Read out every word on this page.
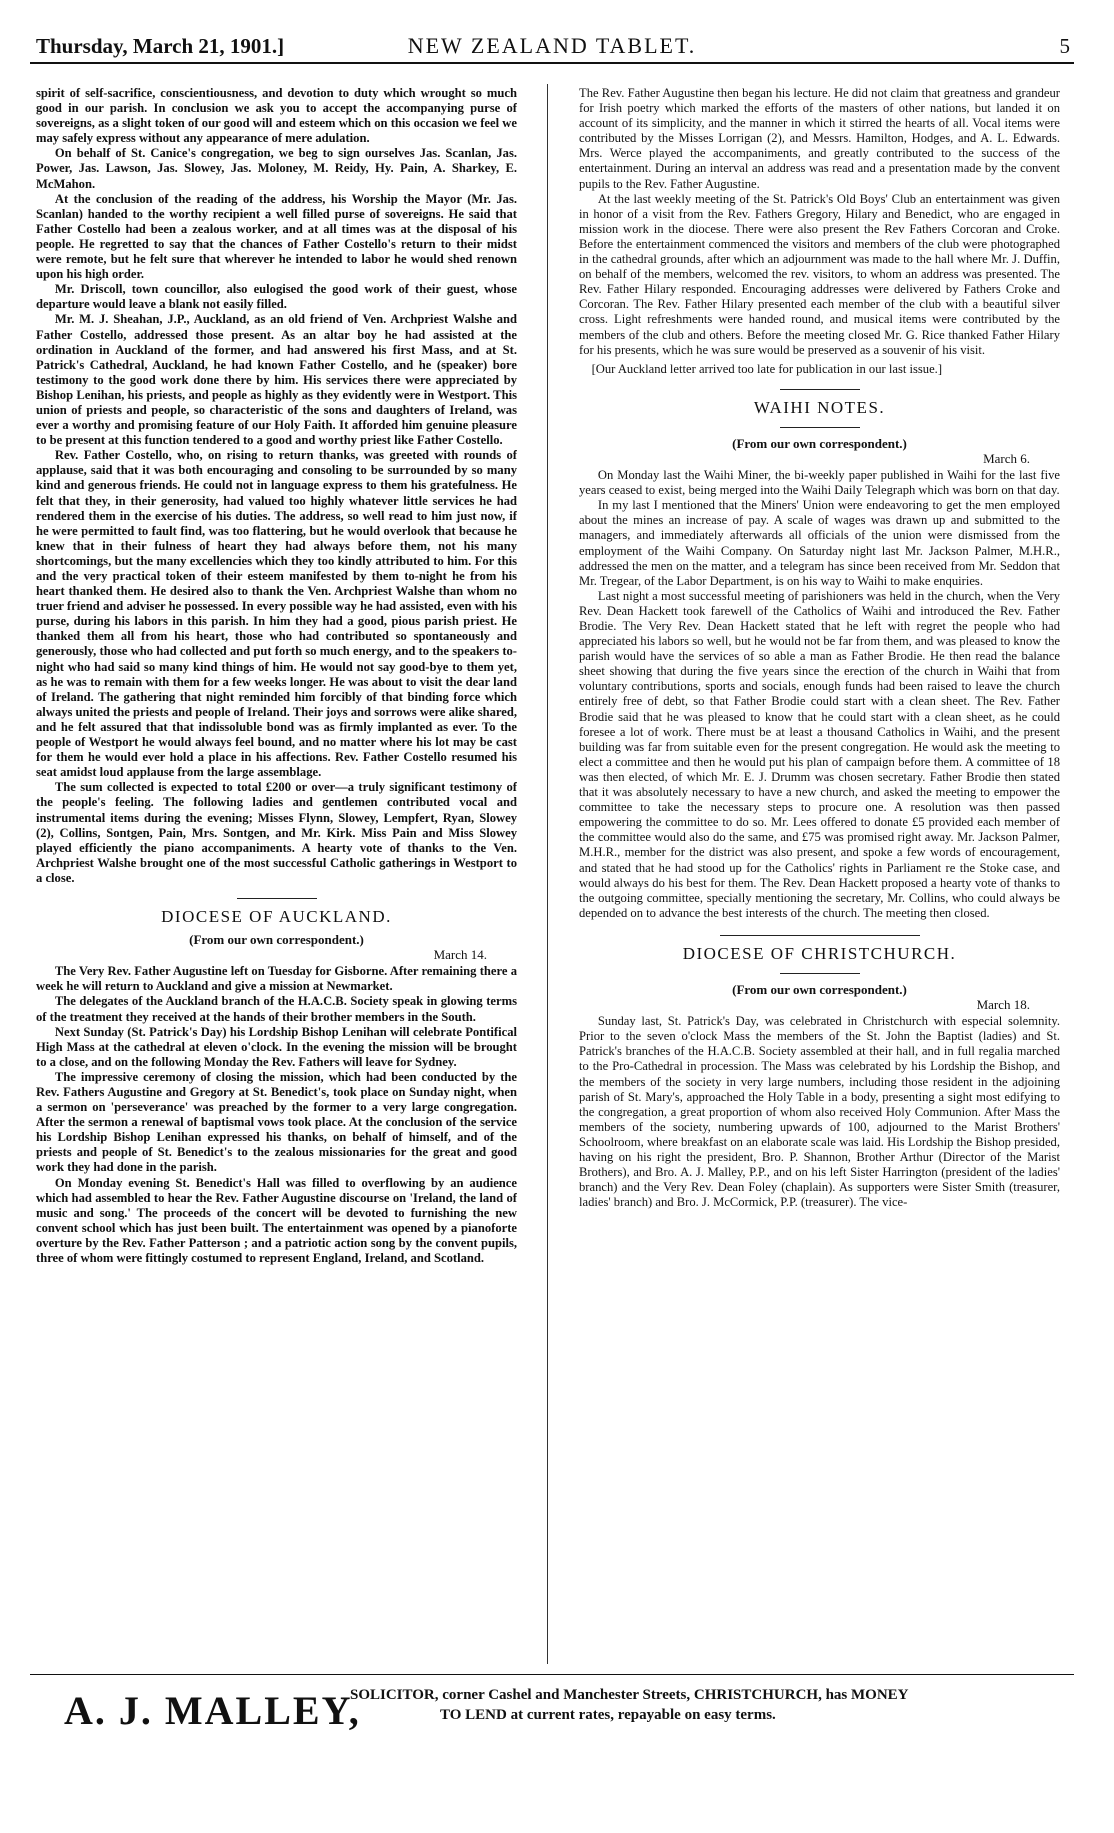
Thursday, March 21, 1901.]	NEW ZEALAND TABLET.	5

spirit of self-sacrifice, conscientiousness, and devotion to duty which wrought so much good in our parish. In conclusion we ask you to accept the accompanying purse of sovereigns, as a slight token of our good will and esteem which on this occasion we feel we may safely express without any appearance of mere adulation.

On behalf of St. Canice's congregation, we beg to sign ourselves Jas. Scanlan, Jas. Power, Jas. Lawson, Jas. Slowey, Jas. Moloney, M. Reidy, Hy. Pain, A. Sharkey, E. McMahon.

At the conclusion of the reading of the address, his Worship the Mayor (Mr. Jas. Scanlan) handed to the worthy recipient a well filled purse of sovereigns. He said that Father Costello had been a zealous worker, and at all times was at the disposal of his people. He regretted to say that the chances of Father Costello's return to their midst were remote, but he felt sure that wherever he intended to labor he would shed renown upon his high order.

Mr. Driscoll, town councillor, also eulogised the good work of their guest, whose departure would leave a blank not easily filled.

Mr. M. J. Sheahan, J.P., Auckland, as an old friend of Ven. Archpriest Walshe and Father Costello, addressed those present. As an altar boy he had assisted at the ordination in Auckland of the former, and had answered his first Mass, and at St. Patrick's Cathedral, Auckland, he had known Father Costello, and he (speaker) bore testimony to the good work done there by him. His services there were appreciated by Bishop Lenihan, his priests, and people as highly as they evidently were in Westport. This union of priests and people, so characteristic of the sons and daughters of Ireland, was ever a worthy and promising feature of our Holy Faith. It afforded him genuine pleasure to be present at this function tendered to a good and worthy priest like Father Costello.

Rev. Father Costello, who, on rising to return thanks, was greeted with rounds of applause, said that it was both encouraging and consoling to be surrounded by so many kind and generous friends. He could not in language express to them his gratefulness. He felt that they, in their generosity, had valued too highly whatever little services he had rendered them in the exercise of his duties. The address, so well read to him just now, if he were permitted to fault find, was too flattering, but he would overlook that because he knew that in their fulness of heart they had always before them, not his many shortcomings, but the many excellencies which they too kindly attributed to him. For this and the very practical token of their esteem manifested by them to-night he from his heart thanked them. He desired also to thank the Ven. Archpriest Walshe than whom no truer friend and adviser he possessed. In every possible way he had assisted, even with his purse, during his labors in this parish. In him they had a good, pious parish priest. He thanked them all from his heart, those who had contributed so spontaneously and generously, those who had collected and put forth so much energy, and to the speakers to-night who had said so many kind things of him. He would not say good-bye to them yet, as he was to remain with them for a few weeks longer. He was about to visit the dear land of Ireland. The gathering that night reminded him forcibly of that binding force which always united the priests and people of Ireland. Their joys and sorrows were alike shared, and he felt assured that that indissoluble bond was as firmly implanted as ever. To the people of Westport he would always feel bound, and no matter where his lot may be cast for them he would ever hold a place in his affections. Rev. Father Costello resumed his seat amidst loud applause from the large assemblage.

The sum collected is expected to total £200 or over—a truly significant testimony of the people's feeling. The following ladies and gentlemen contributed vocal and instrumental items during the evening; Misses Flynn, Slowey, Lempfert, Ryan, Slowey (2), Collins, Sontgen, Pain, Mrs. Sontgen, and Mr. Kirk. Miss Pain and Miss Slowey played efficiently the piano accompaniments. A hearty vote of thanks to the Ven. Archpriest Walshe brought one of the most successful Catholic gatherings in Westport to a close.

DIOCESE OF AUCKLAND.
(From our own correspondent.)
March 14.

The Very Rev. Father Augustine left on Tuesday for Gisborne. After remaining there a week he will return to Auckland and give a mission at Newmarket.

The delegates of the Auckland branch of the H.A.C.B. Society speak in glowing terms of the treatment they received at the hands of their brother members in the South.

Next Sunday (St. Patrick's Day) his Lordship Bishop Lenihan will celebrate Pontifical High Mass at the cathedral at eleven o'clock. In the evening the mission will be brought to a close, and on the following Monday the Rev. Fathers will leave for Sydney.

The impressive ceremony of closing the mission, which had been conducted by the Rev. Fathers Augustine and Gregory at St. Benedict's, took place on Sunday night, when a sermon on 'perseverance' was preached by the former to a very large congregation. After the sermon a renewal of baptismal vows took place. At the conclusion of the service his Lordship Bishop Lenihan expressed his thanks, on behalf of himself, and of the priests and people of St. Benedict's to the zealous missionaries for the great and good work they had done in the parish.

On Monday evening St. Benedict's Hall was filled to overflowing by an audience which had assembled to hear the Rev. Father Augustine discourse on 'Ireland, the land of music and song.' The proceeds of the concert will be devoted to furnishing the new convent school which has just been built. The entertainment was opened by a pianoforte overture by the Rev. Father Patterson ; and a patriotic action song by the convent pupils, three of whom were fittingly costumed to represent England, Ireland, and Scotland.

The Rev. Father Augustine then began his lecture. He did not claim that greatness and grandeur for Irish poetry which marked the efforts of the masters of other nations, but landed it on account of its simplicity, and the manner in which it stirred the hearts of all. Vocal items were contributed by the Misses Lorrigan (2), and Messrs. Hamilton, Hodges, and A. L. Edwards. Mrs. Werce played the accompaniments, and greatly contributed to the success of the entertainment. During an interval an address was read and a presentation made by the convent pupils to the Rev. Father Augustine.

At the last weekly meeting of the St. Patrick's Old Boys' Club an entertainment was given in honor of a visit from the Rev. Fathers Gregory, Hilary and Benedict, who are engaged in mission work in the diocese. There were also present the Rev Fathers Corcoran and Croke. Before the entertainment commenced the visitors and members of the club were photographed in the cathedral grounds, after which an adjournment was made to the hall where Mr. J. Duffin, on behalf of the members, welcomed the rev. visitors, to whom an address was presented. The Rev. Father Hilary responded. Encouraging addresses were delivered by Fathers Croke and Corcoran. The Rev. Father Hilary presented each member of the club with a beautiful silver cross. Light refreshments were handed round, and musical items were contributed by the members of the club and others. Before the meeting closed Mr. G. Rice thanked Father Hilary for his presents, which he was sure would be preserved as a souvenir of his visit.

[Our Auckland letter arrived too late for publication in our last issue.]

WAIHI NOTES.
(From our own correspondent.)
March 6.

On Monday last the Waihi Miner, the bi-weekly paper published in Waihi for the last five years ceased to exist, being merged into the Waihi Daily Telegraph which was born on that day.

In my last I mentioned that the Miners' Union were endeavoring to get the men employed about the mines an increase of pay. A scale of wages was drawn up and submitted to the managers, and immediately afterwards all officials of the union were dismissed from the employment of the Waihi Company. On Saturday night last Mr. Jackson Palmer, M.H.R., addressed the men on the matter, and a telegram has since been received from Mr. Seddon that Mr. Tregear, of the Labor Department, is on his way to Waihi to make enquiries.

Last night a most successful meeting of parishioners was held in the church, when the Very Rev. Dean Hackett took farewell of the Catholics of Waihi and introduced the Rev. Father Brodie. The Very Rev. Dean Hackett stated that he left with regret the people who had appreciated his labors so well, but he would not be far from them, and was pleased to know the parish would have the services of so able a man as Father Brodie. He then read the balance sheet showing that during the five years since the erection of the church in Waihi that from voluntary contributions, sports and socials, enough funds had been raised to leave the church entirely free of debt, so that Father Brodie could start with a clean sheet. The Rev. Father Brodie said that he was pleased to know that he could start with a clean sheet, as he could foresee a lot of work. There must be at least a thousand Catholics in Waihi, and the present building was far from suitable even for the present congregation. He would ask the meeting to elect a committee and then he would put his plan of campaign before them. A committee of 18 was then elected, of which Mr. E. J. Drumm was chosen secretary. Father Brodie then stated that it was absolutely necessary to have a new church, and asked the meeting to empower the committee to take the necessary steps to procure one. A resolution was then passed empowering the committee to do so. Mr. Lees offered to donate £5 provided each member of the committee would also do the same, and £75 was promised right away. Mr. Jackson Palmer, M.H.R., member for the district was also present, and spoke a few words of encouragement, and stated that he had stood up for the Catholics' rights in Parliament re the Stoke case, and would always do his best for them. The Rev. Dean Hackett proposed a hearty vote of thanks to the outgoing committee, specially mentioning the secretary, Mr. Collins, who could always be depended on to advance the best interests of the church. The meeting then closed.

DIOCESE OF CHRISTCHURCH.
(From our own correspondent.)
March 18.

Sunday last, St. Patrick's Day, was celebrated in Christchurch with especial solemnity. Prior to the seven o'clock Mass the members of the St. John the Baptist (ladies) and St. Patrick's branches of the H.A.C.B. Society assembled at their hall, and in full regalia marched to the Pro-Cathedral in procession. The Mass was celebrated by his Lordship the Bishop, and the members of the society in very large numbers, including those resident in the adjoining parish of St. Mary's, approached the Holy Table in a body, presenting a sight most edifying to the congregation, a great proportion of whom also received Holy Communion. After Mass the members of the society, numbering upwards of 100, adjourned to the Marist Brothers' Schoolroom, where breakfast on an elaborate scale was laid. His Lordship the Bishop presided, having on his right the president, Bro. P. Shannon, Brother Arthur (Director of the Marist Brothers), and Bro. A. J. Malley, P.P., and on his left Sister Harrington (president of the ladies' branch) and the Very Rev. Dean Foley (chaplain). As supporters were Sister Smith (treasurer, ladies' branch) and Bro. J. McCormick, P.P. (treasurer). The vice-

A. J. MALLEY,
SOLICITOR, corner Cashel and Manchester Streets, CHRISTCHURCH, has MONEY
TO LEND at current rates, repayable on easy terms.
